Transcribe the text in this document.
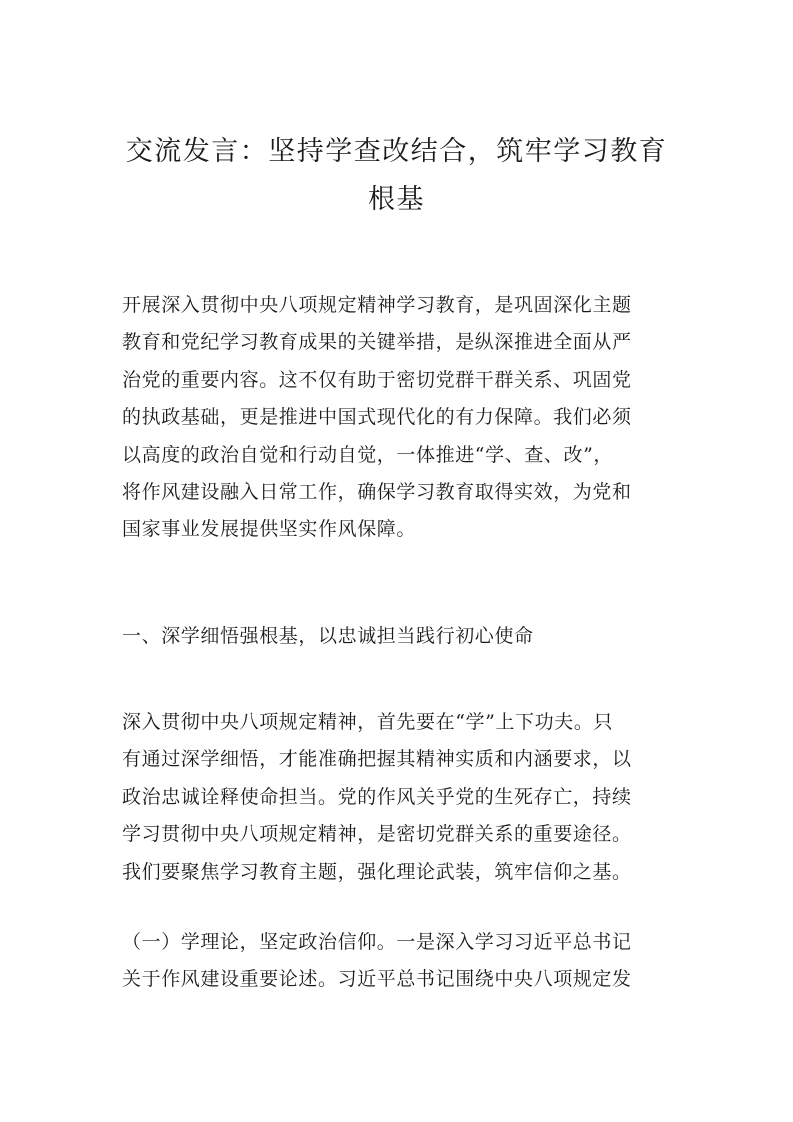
交流发言：坚持学查改结合，筑牢学习教育
根基
开展深入贯彻中央八项规定精神学习教育，是巩固深化主题
教育和党纪学习教育成果的关键举措，是纵深推进全面从严
治党的重要内容。这不仅有助于密切党群干群关系、巩固党
的执政基础，更是推进中国式现代化的有力保障。我们必须
以高度的政治自觉和行动自觉，一体推进“学、查、改”，
将作风建设融入日常工作，确保学习教育取得实效，为党和
国家事业发展提供坚实作风保障。
一、深学细悟强根基，以忠诚担当践行初心使命
深入贯彻中央八项规定精神，首先要在“学”上下功夫。只
有通过深学细悟，才能准确把握其精神实质和内涵要求，以
政治忠诚诠释使命担当。党的作风关乎党的生死存亡，持续
学习贯彻中央八项规定精神，是密切党群关系的重要途径。
我们要聚焦学习教育主题，强化理论武装，筑牢信仰之基。
（一）学理论，坚定政治信仰。一是深入学习习近平总书记
关于作风建设重要论述。习近平总书记围绕中央八项规定发
